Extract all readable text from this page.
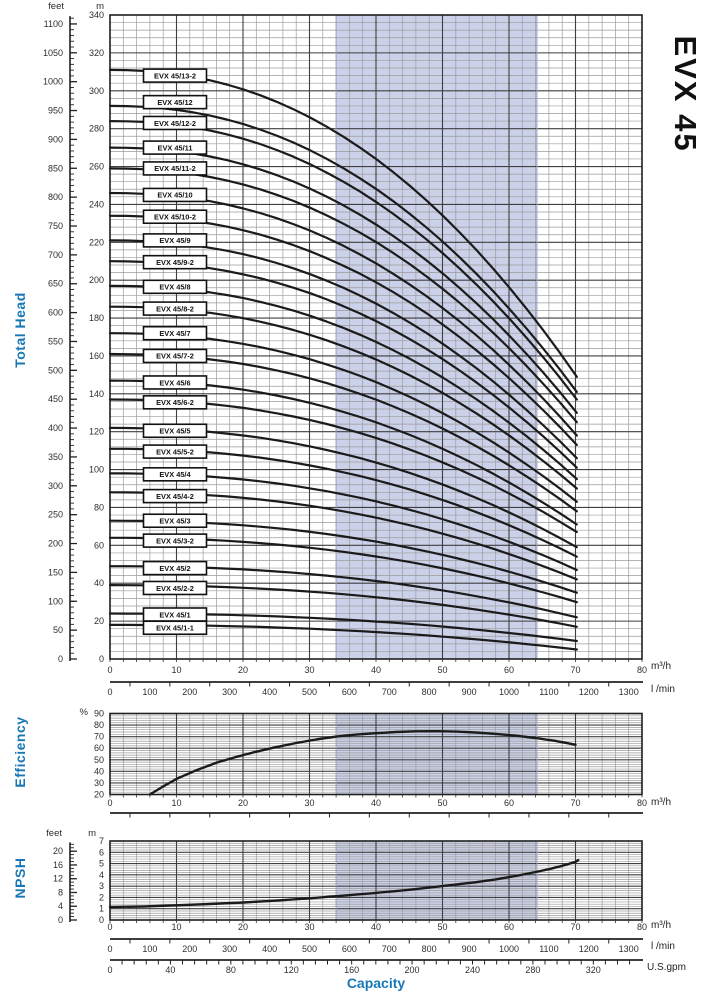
EVX 45/13-2
EVX 45/12
EVX 45/12-2
EVX 45/11
EVX 45/11-2
EVX 45/10
EVX 45/10-2
EVX 45/9
EVX 45/9-2
EVX 45/8
EVX 45/8-2
EVX 45/7
EVX 45/7-2
EVX 45/6
EVX 45/6-2
EVX 45/5
EVX 45/5-2
EVX 45/4
EVX 45/4-2
EVX 45/3
EVX 45/3-2
EVX 45/2
EVX 45/2-2
EVX 45/1
EVX 45/1-1
0
20
40
60
80
100
120
140
160
180
200
220
240
260
280
300
320
340
0
50
100
150
200
250
300
350
400
450
500
550
600
650
700
750
800
850
900
950
1000
1050
1100
0	10	20	30	40	50	60	70	80
0	100	200	300	400	500	600	700	800	900 1000 1100 1200 1300
20
30
40
50
60
70
80
90
0	10	20	30	40	50	60	70	80
0
1
2
3
4
5
6
7
0
4
8
12
16
20
0	10	20	30	40	50	60	70	80
0	100	200	300	400	500	600	700	800	900 1000 1100 1200 1300
0	40	80	120	160	200	240	280	320
feet	m
%
feet	m
m³/h
l /min
m³/h
m³/h
l /min
U.S.gpm
Total Head
Efficiency
NPSH
Capacity
EVX 45
